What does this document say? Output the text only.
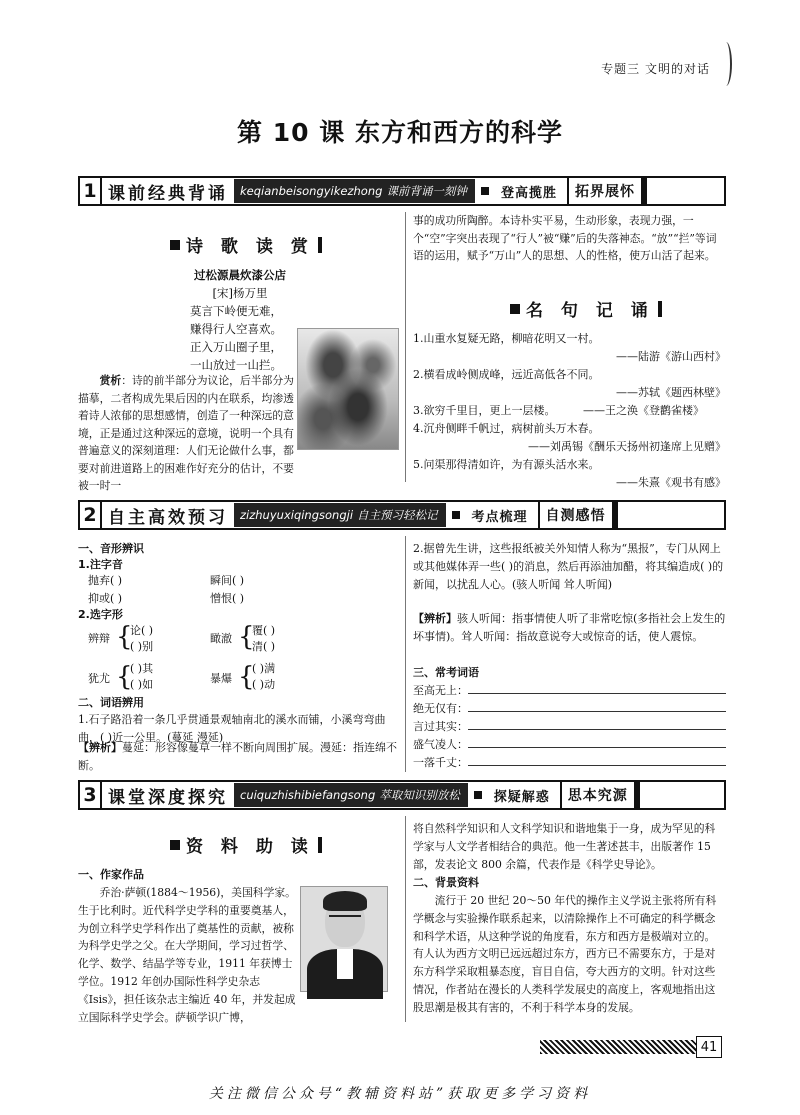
专题三 文明的对话
第 10 课 东方和西方的科学
1 课前经典背诵	keqianbeisongyikezhong 课前背诵一刻钟	登高揽胜	拓界展怀
诗 歌 读 赏
过松源晨炊漆公店
[宋]杨万里
莫言下岭便无难，
赚得行人空喜欢。
正入万山圈子里，
一山放过一山拦。
赏析：诗的前半部分为议论，后半部分为描摹，二者构成先果后因的内在联系，均渗透着诗人浓郁的思想感情，创造了一种深远的意境，正是通过这种深远的意境，说明一个具有普遍意义的深刻道理：人们无论做什么事，都要对前进道路上的困难作好充分的估计，不要被一时一
事的成功所陶醉。本诗朴实平易，生动形象，表现力强，一个“空”字突出表现了“行人”被“赚”后的失落神态。“放”“拦”等词语的运用，赋予“万山”人的思想、人的性格，使万山活了起来。
名 句 记 诵
1.山重水复疑无路，柳暗花明又一村。
——陆游《游山西村》
2.横看成岭侧成峰，远近高低各不同。
——苏轼《题西林壁》
3.欲穷千里目，更上一层楼。	——王之涣《登鹳雀楼》
4.沉舟侧畔千帆过，病树前头万木春。
——刘禹锡《酬乐天扬州初逢席上见赠》
5.问渠那得清如许，为有源头活水来。
——朱熹《观书有感》
2 自主高效预习	zizhuyuxiqingsongji 自主预习轻松记	考点梳理	自测感悟
一、音形辨识
1.注字音
抛弃( )	瞬间( )
抑或( )	憎恨( )
2.选字形
辨辩 {
论( )
( )别
瞰澈 {
覆( )
清( )
犹尤 {
( )其
( )如	暴爆 {
( )满
( )动
二、词语辨用
1.石子路沿着一条几乎贯通景观轴南北的溪水而铺，小溪弯弯曲曲，( )近一公里。(蔓延 漫延)
【辨析】蔓延：形容像蔓草一样不断向周围扩展。漫延：指连绵不断。
2.据曾先生讲，这些报纸被关外知情人称为“黑报”，专门从网上或其他媒体弄一些( )的消息，然后再添油加醋，将其编造成( )的新闻，以扰乱人心。(骇人听闻 耸人听闻)
【辨析】骇人听闻：指事情使人听了非常吃惊(多指社会上发生的坏事情)。耸人听闻：指故意说夸大或惊奇的话，使人震惊。
三、常考词语
至高无上：
绝无仅有：
言过其实：
盛气凌人：
一落千丈：
3 课堂深度探究	cuiquzhishibiefangsong 萃取知识别放松	探疑解惑	思本究源
资 料 助 读
一、作家作品
乔治·萨顿(1884～1956)，美国科学家。生于比利时。近代科学史学科的重要奠基人，为创立科学史学科作出了奠基性的贡献，被称为科学史学之父。在大学期间，学习过哲学、化学、数学、结晶学等专业，1911 年获博士学位。1912 年创办国际性科学史杂志《Isis》，担任该杂志主编近 40 年，并发起成立国际科学史学会。萨顿学识广博，
将自然科学知识和人文科学知识和谐地集于一身，成为罕见的科学家与人文学者相结合的典范。他一生著述甚丰，出版著作 15 部，发表论文 800 余篇，代表作是《科学史导论》。
二、背景资料
流行于 20 世纪 20～50 年代的操作主义学说主张将所有科学概念与实验操作联系起来，以清除操作上不可确定的科学概念和科学术语，从这种学说的角度看，东方和西方是极端对立的。有人认为西方文明已远远超过东方，西方已不需要东方，于是对东方科学采取粗暴态度，盲目自信，夸大西方的文明。针对这些情况，作者站在漫长的人类科学发展史的高度上，客观地指出这股思潮是极其有害的，不利于科学本身的发展。
41
关注微信公众号“教辅资料站”获取更多学习资料
